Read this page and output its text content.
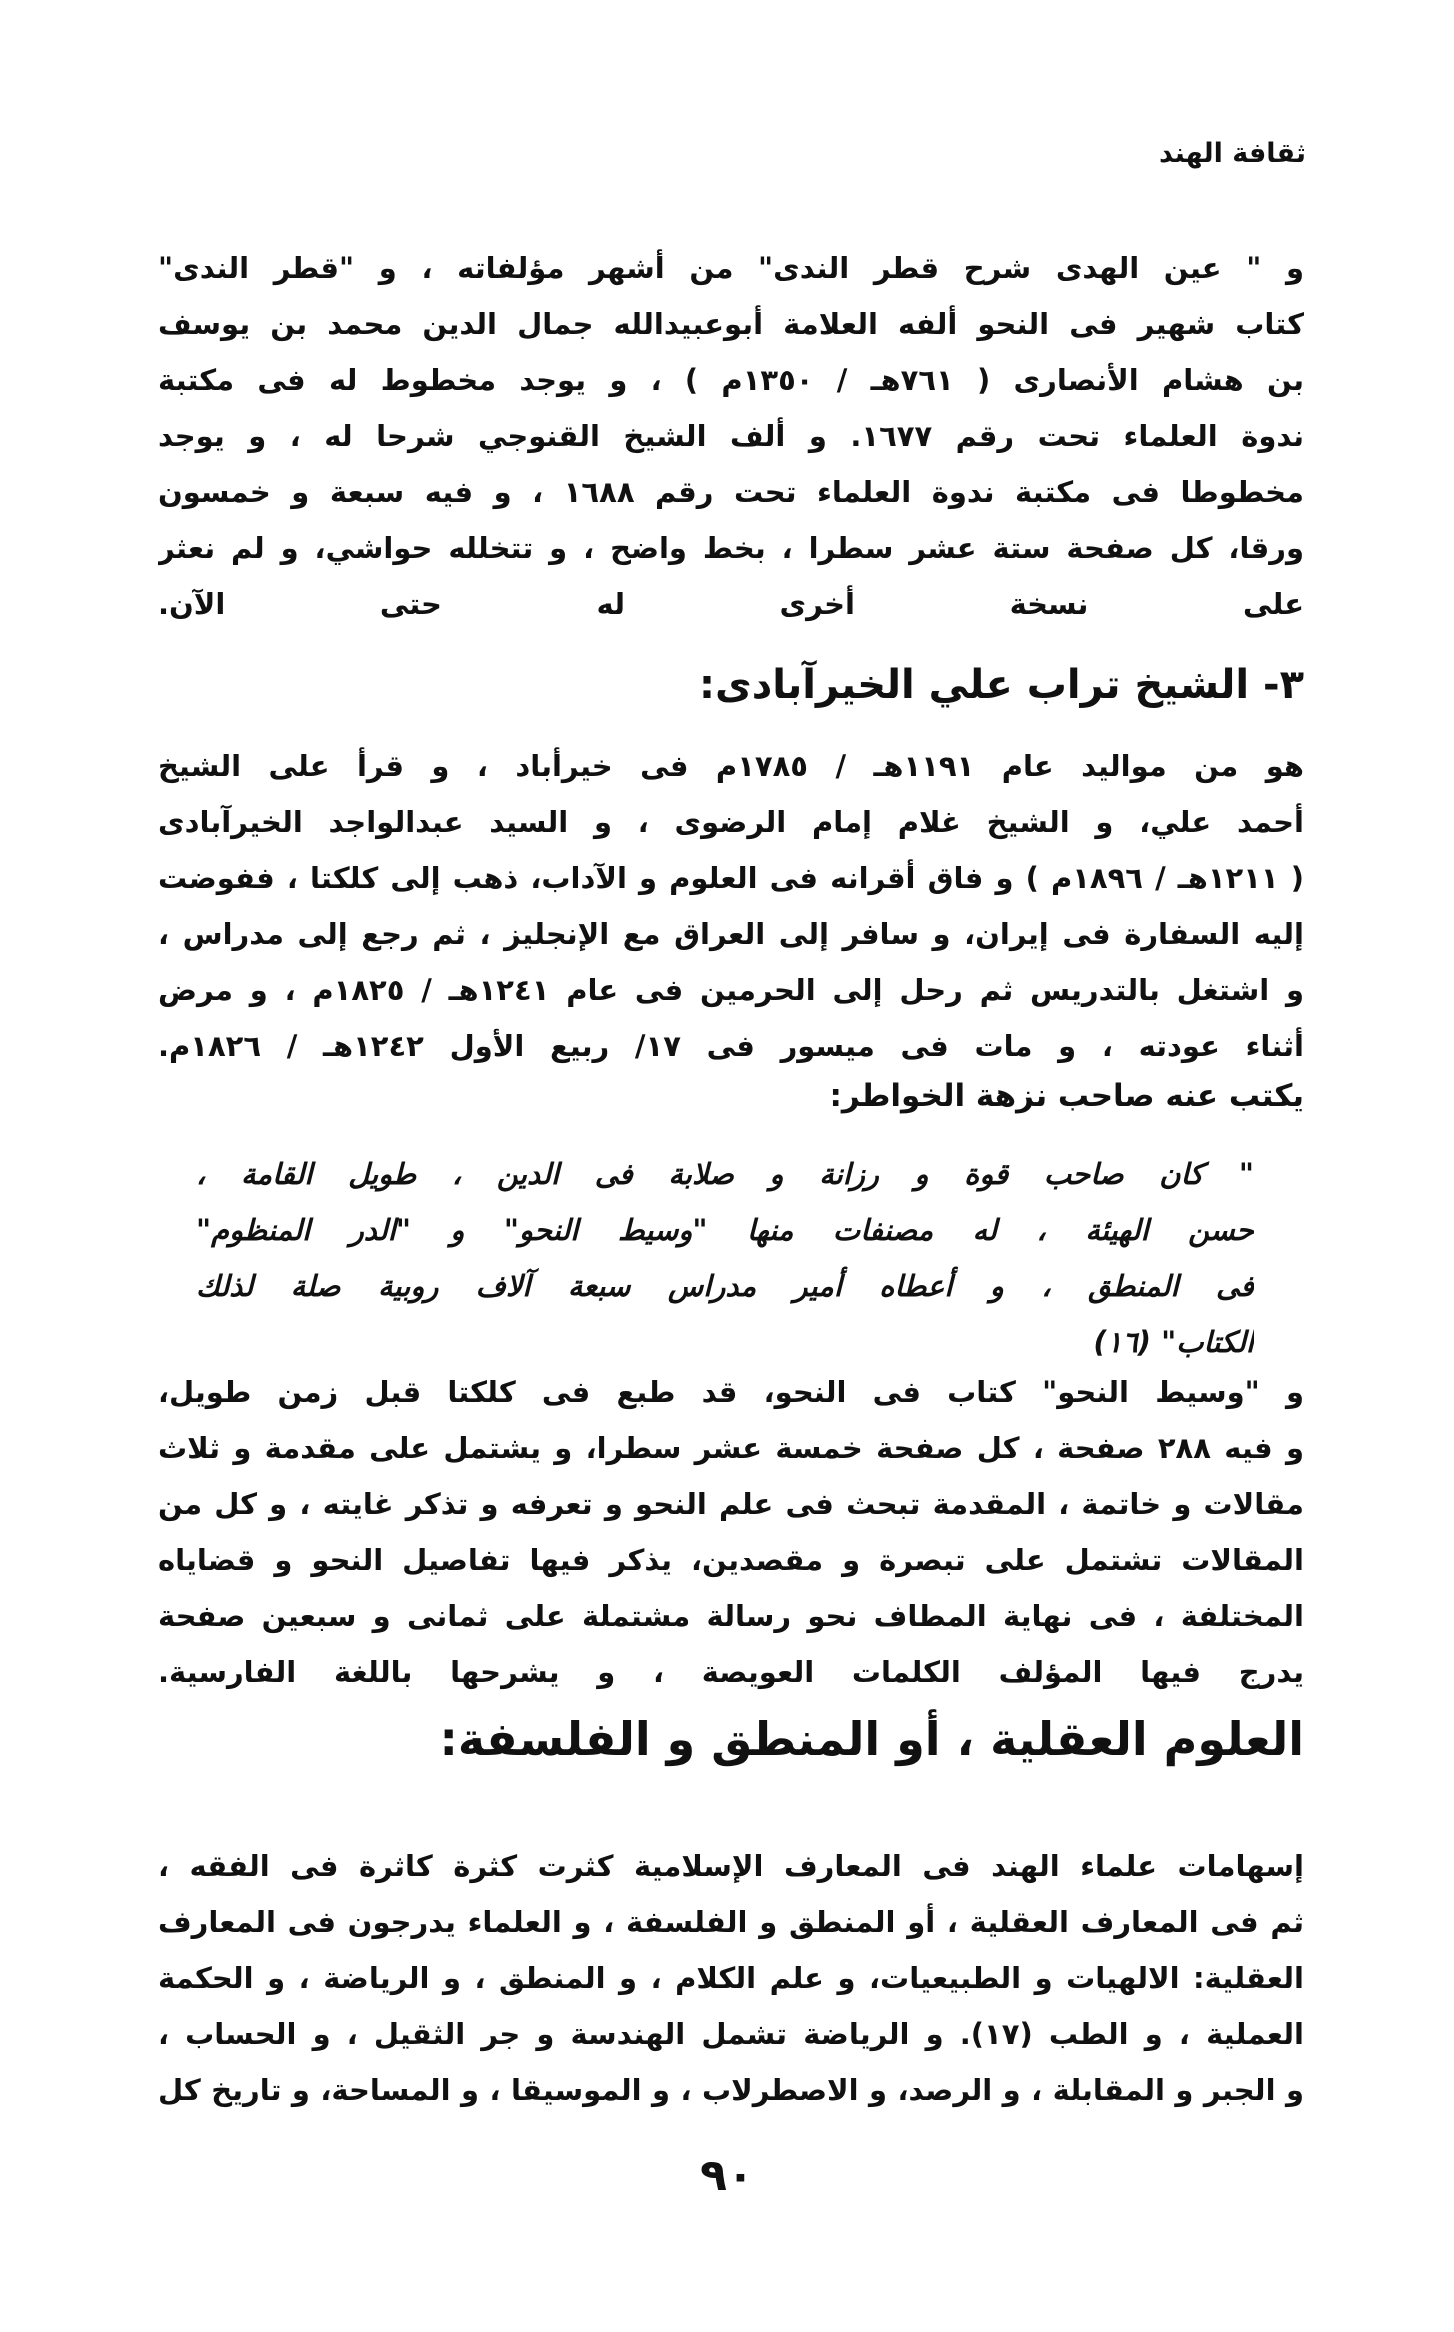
ثقافة الهند
و " عين الهدى شرح قطر الندى" من أشهر مؤلفاته ، و "قطر الندى"
كتاب شهير فى النحو ألفه العلامة أبوعبيدالله جمال الدين محمد بن يوسف
بن هشام الأنصارى ( ٧٦١هـ / ١٣٥٠م ) ، و يوجد مخطوط له فى مكتبة
ندوة العلماء تحت رقم ١٦٧٧. و ألف الشيخ القنوجي شرحا له ، و يوجد
مخطوطا فى مكتبة ندوة العلماء تحت رقم ١٦٨٨ ، و فيه سبعة و خمسون
ورقا، كل صفحة ستة عشر سطرا ، بخط واضح ، و تتخلله حواشي، و لم نعثر
على نسخة أخرى له حتى الآن.
٣- الشيخ تراب علي الخيرآبادى:
هو من مواليد عام ١١٩١هـ / ١٧٨٥م فى خيرأباد ، و قرأ على الشيخ
أحمد علي، و الشيخ غلام إمام الرضوى ، و السيد عبدالواجد الخيرآبادى
( ١٢١١هـ / ١٨٩٦م ) و فاق أقرانه فى العلوم و الآداب، ذهب إلى كلكتا ، ففوضت
إليه السفارة فى إيران، و سافر إلى العراق مع الإنجليز ، ثم رجع إلى مدراس ،
و اشتغل بالتدريس ثم رحل إلى الحرمين فى عام ١٢٤١هـ / ١٨٢٥م ، و مرض
أثناء عودته ، و مات فى ميسور فى ١٧/ ربيع الأول ١٢٤٢هـ / ١٨٢٦م.
يكتب عنه صاحب نزهة الخواطر:
" كان صاحب قوة و رزانة و صلابة فى الدين ، طويل القامة ،
حسن الهيئة ، له مصنفات منها "وسيط النحو" و "الدر المنظوم"
فى المنطق ، و أعطاه أمير مدراس سبعة آلاف روبية صلة لذلك
الكتاب" (١٦)
و "وسيط النحو" كتاب فى النحو، قد طبع فى كلكتا قبل زمن طويل،
و فيه ٢٨٨ صفحة ، كل صفحة خمسة عشر سطرا، و يشتمل على مقدمة و ثلاث
مقالات و خاتمة ، المقدمة تبحث فى علم النحو و تعرفه و تذكر غايته ، و كل من
المقالات تشتمل على تبصرة و مقصدين، يذكر فيها تفاصيل النحو و قضاياه
المختلفة ، فى نهاية المطاف نحو رسالة مشتملة على ثمانى و سبعين صفحة
يدرج فيها المؤلف الكلمات العويصة ، و يشرحها باللغة الفارسية.
العلوم العقلية ، أو المنطق و الفلسفة:
إسهامات علماء الهند فى المعارف الإسلامية كثرت كثرة كاثرة فى الفقه ،
ثم فى المعارف العقلية ، أو المنطق و الفلسفة ، و العلماء يدرجون فى المعارف
العقلية: الالهيات و الطبيعيات، و علم الكلام ، و المنطق ، و الرياضة ، و الحكمة
العملية ، و الطب (١٧). و الرياضة تشمل الهندسة و جر الثقيل ، و الحساب ،
و الجبر و المقابلة ، و الرصد، و الاصطرلاب ، و الموسيقا ، و المساحة، و تاريخ كل
٩٠
